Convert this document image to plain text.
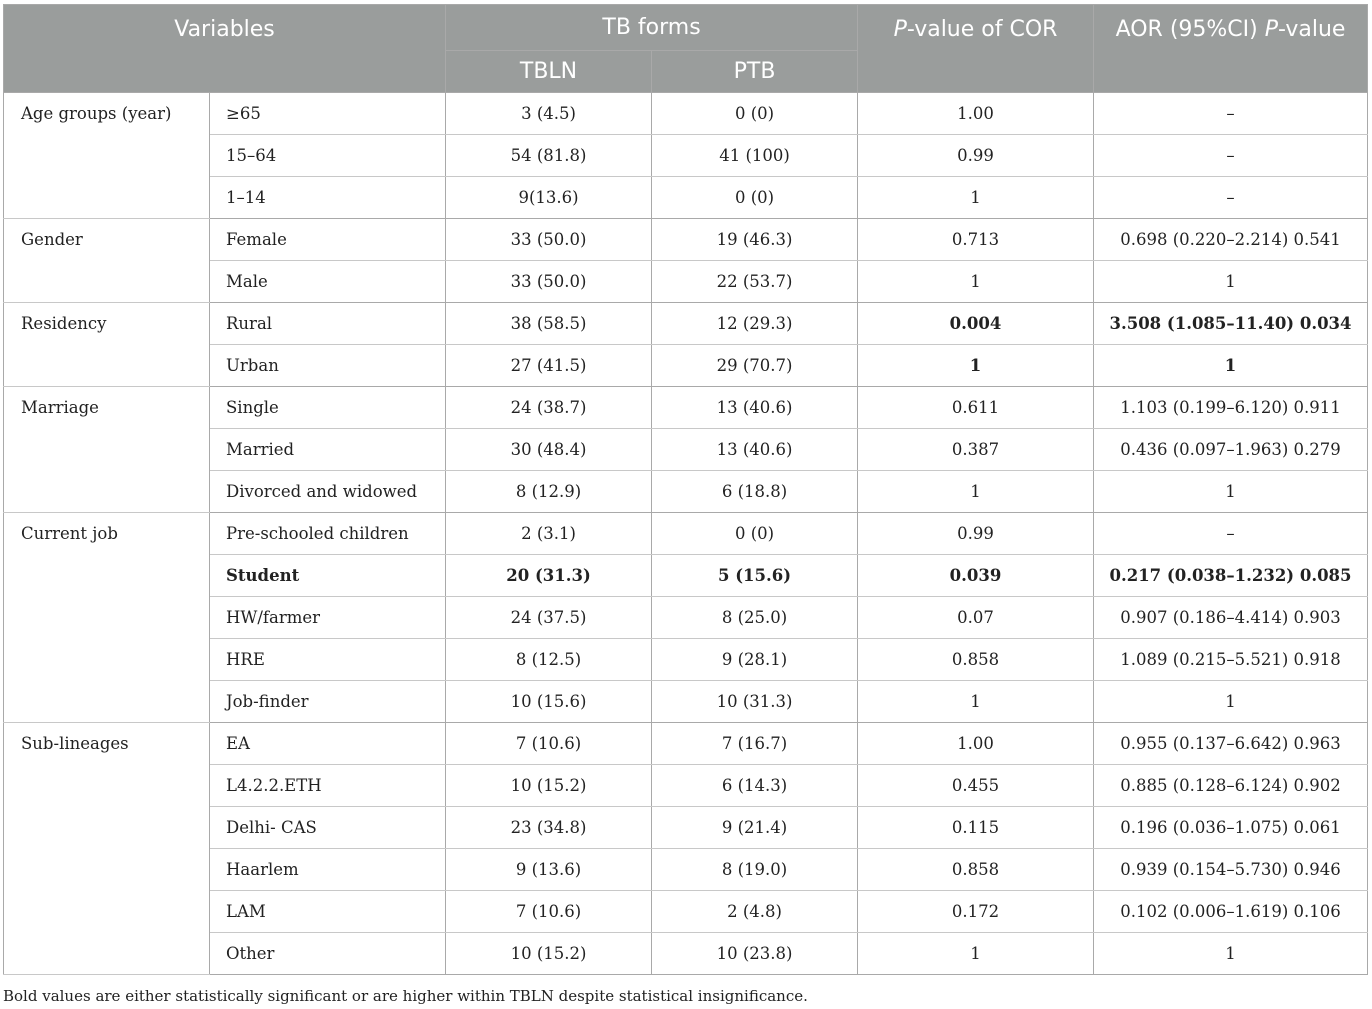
Variables		TB forms		P-value of COR	AOR (95%CI) P-value
		TBLN	PTB		
Age groups (year)	≥65	3 (4.5)	0 (0)	1.00	–
	15–64	54 (81.8)	41 (100)	0.99	–
	1–14	9(13.6)	0 (0)	1	–
Gender	Female	33 (50.0)	19 (46.3)	0.713	0.698 (0.220–2.214) 0.541
	Male	33 (50.0)	22 (53.7)	1	1
Residency	Rural	38 (58.5)	12 (29.3)	0.004	3.508 (1.085–11.40) 0.034
	Urban	27 (41.5)	29 (70.7)	1	1
Marriage	Single	24 (38.7)	13 (40.6)	0.611	1.103 (0.199–6.120) 0.911
	Married	30 (48.4)	13 (40.6)	0.387	0.436 (0.097–1.963) 0.279
	Divorced and widowed	8 (12.9)	6 (18.8)	1	1
Current job	Pre-schooled children	2 (3.1)	0 (0)	0.99	–
	Student	20 (31.3)	5 (15.6)	0.039	0.217 (0.038–1.232) 0.085
	HW/farmer	24 (37.5)	8 (25.0)	0.07	0.907 (0.186–4.414) 0.903
	HRE	8 (12.5)	9 (28.1)	0.858	1.089 (0.215–5.521) 0.918
	Job-finder	10 (15.6)	10 (31.3)	1	1
Sub-lineages	EA	7 (10.6)	7 (16.7)	1.00	0.955 (0.137–6.642) 0.963
	L4.2.2.ETH	10 (15.2)	6 (14.3)	0.455	0.885 (0.128–6.124) 0.902
	Delhi- CAS	23 (34.8)	9 (21.4)	0.115	0.196 (0.036–1.075) 0.061
	Haarlem	9 (13.6)	8 (19.0)	0.858	0.939 (0.154–5.730) 0.946
	LAM	7 (10.6)	2 (4.8)	0.172	0.102 (0.006–1.619) 0.106
	Other	10 (15.2)	10 (23.8)	1	1
Bold values are either statistically significant or are higher within TBLN despite statistical insignificance.
